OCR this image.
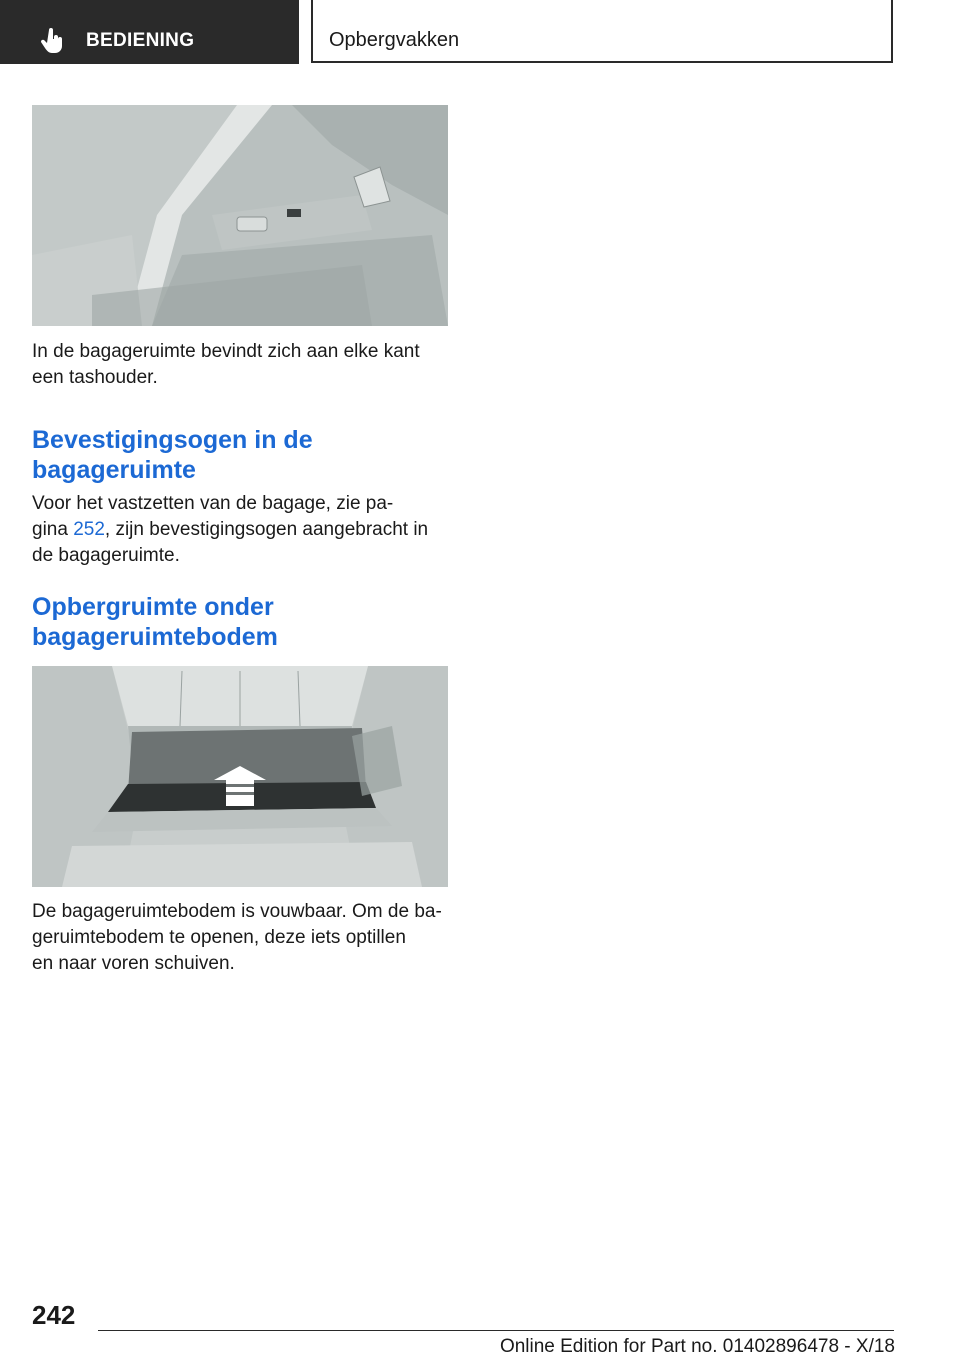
BEDIENING	Opbergvakken

In de bagageruimte bevindt zich aan elke kant
een tashouder.

Bevestigingsogen in de
bagageruimte

Voor het vastzetten van de bagage, zie pa-
gina 252, zijn bevestigingsogen aangebracht in
de bagageruimte.

Opbergruimte onder
bagageruimtebodem

De bagageruimtebodem is vouwbaar. Om de ba-
geruimtebodem te openen, deze iets optillen
en naar voren schuiven.

242
Online Edition for Part no. 01402896478 - X/18
